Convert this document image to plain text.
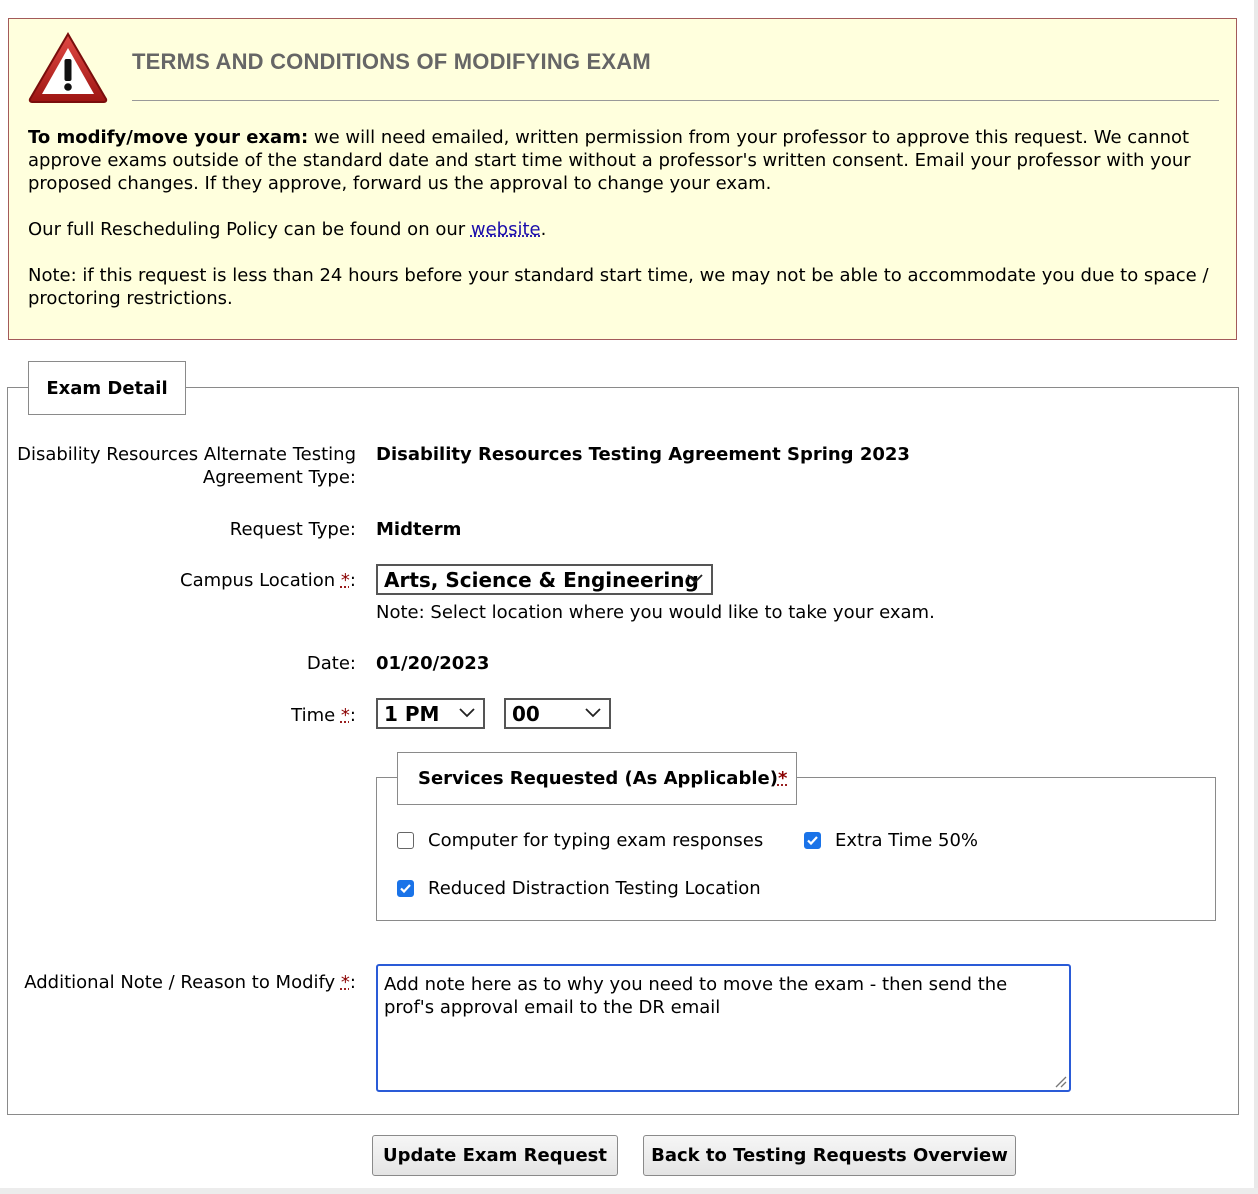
TERMS AND CONDITIONS OF MODIFYING EXAM

To modify/move your exam: we will need emailed, written permission from your professor to approve this request. We cannot approve exams outside of the standard date and start time without a professor's written consent. Email your professor with your proposed changes. If they approve, forward us the approval to change your exam.

Our full Rescheduling Policy can be found on our website.

Note: if this request is less than 24 hours before your standard start time, we may not be able to accommodate you due to space / proctoring restrictions.

Exam Detail
Disability Resources Alternate Testing
Agreement Type:
Disability Resources Testing Agreement Spring 2023
Request Type: Midterm
Campus Location *: Arts, Science & Engineering
Note: Select location where you would like to take your exam.
Date: 01/20/2023
Time *: 1 PM	00
Services Requested (As Applicable) *
Computer for typing exam responses	Extra Time 50%
Reduced Distraction Testing Location
Additional Note / Reason to Modify *:	Add note here as to why you need to move the exam - then send the prof's approval email to the DR email
Update Exam Request	Back to Testing Requests Overview
